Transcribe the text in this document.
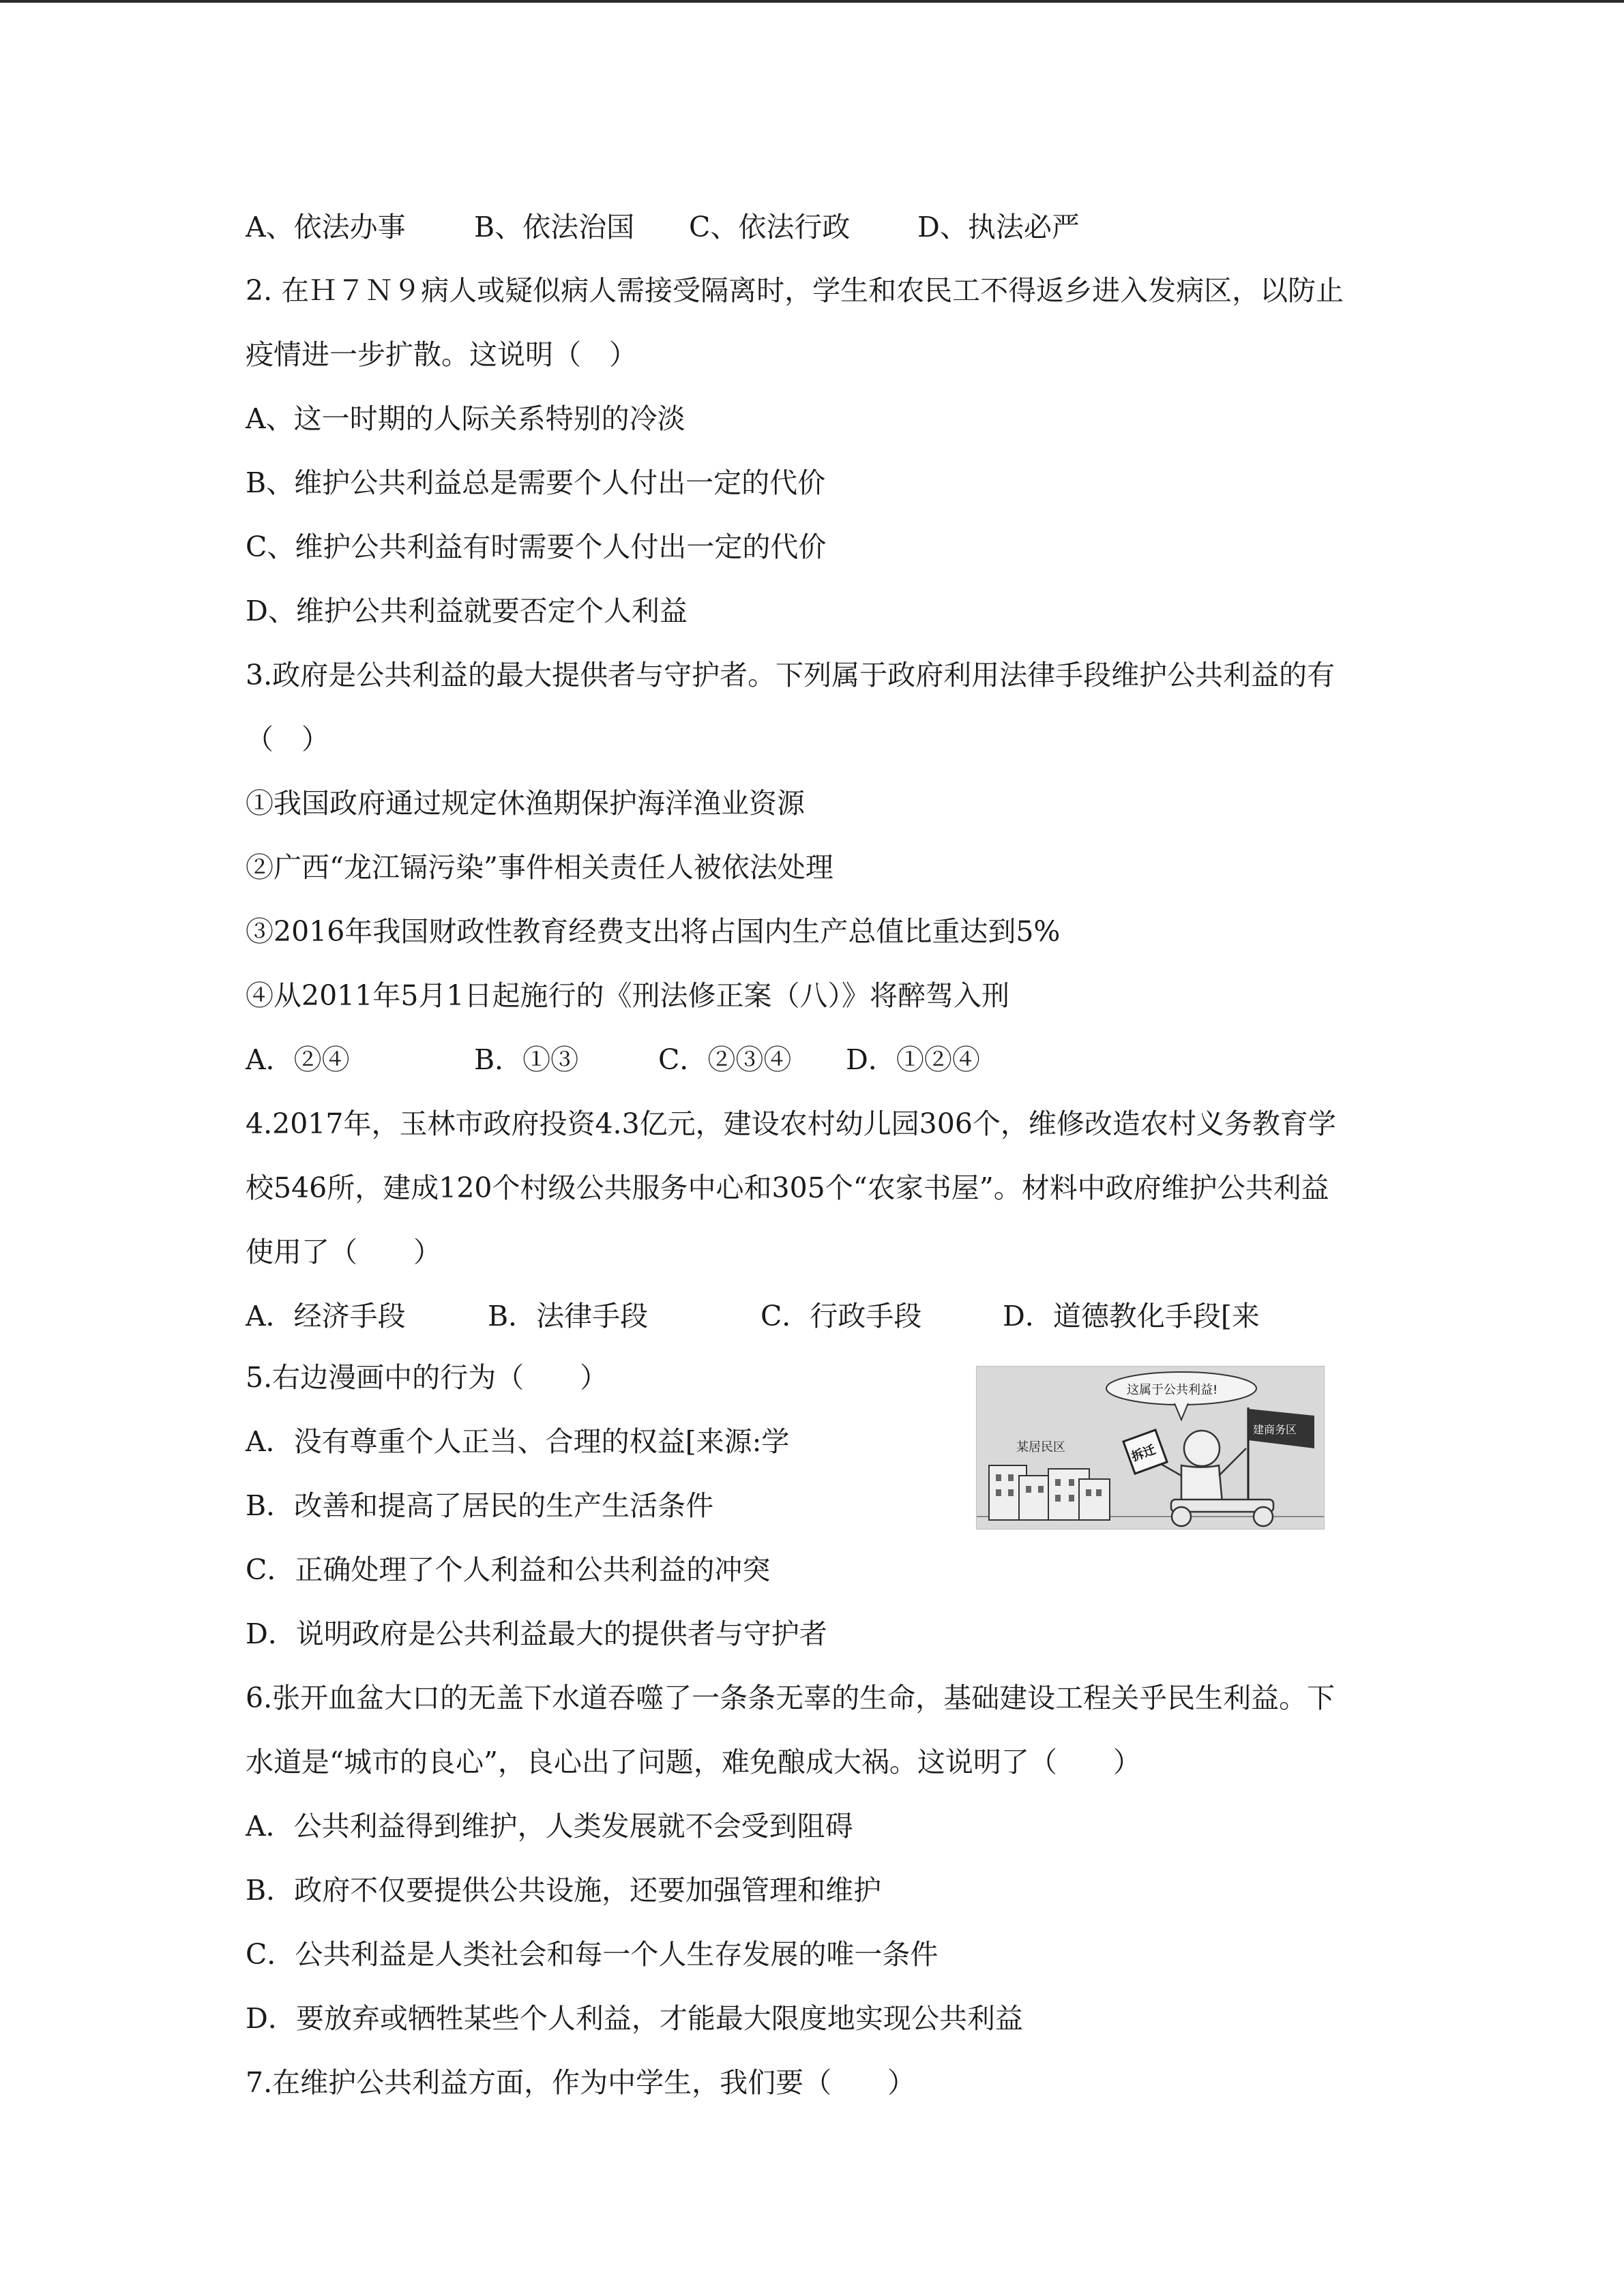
A、依法办事 B、依法治国 C、依法行政 D、执法必严
2. 在Ｈ７Ｎ９病人或疑似病人需接受隔离时，学生和农民工不得返乡进入发病区，以防止
疫情进一步扩散。这说明（　）
A、这一时期的人际关系特别的冷淡
B、维护公共利益总是需要个人付出一定的代价
C、维护公共利益有时需要个人付出一定的代价
D、维护公共利益就要否定个人利益
3.政府是公共利益的最大提供者与守护者。下列属于政府利用法律手段维护公共利益的有
（　）
①我国政府通过规定休渔期保护海洋渔业资源
②广西“龙江镉污染”事件相关责任人被依法处理
③2016年我国财政性教育经费支出将占国内生产总值比重达到5%
④从2011年5月1日起施行的《刑法修正案（八）》将醉驾入刑
A．②④	B．①③	C．②③④ D．①②④
4.2017年，玉林市政府投资4.3亿元，建设农村幼儿园306个，维修改造农村义务教育学
校546所，建成120个村级公共服务中心和305个“农家书屋”。材料中政府维护公共利益
使用了（　　）
A．经济手段	B．法律手段	C．行政手段	D．道德教化手段[来
5.右边漫画中的行为（　　）
A．没有尊重个人正当、合理的权益[来源:学
B．改善和提高了居民的生产生活条件
C．正确处理了个人利益和公共利益的冲突
D．说明政府是公共利益最大的提供者与守护者
6.张开血盆大口的无盖下水道吞噬了一条条无辜的生命，基础建设工程关乎民生利益。下
水道是“城市的良心”，良心出了问题，难免酿成大祸。这说明了（　　）
A．公共利益得到维护，人类发展就不会受到阻碍
B．政府不仅要提供公共设施，还要加强管理和维护
C．公共利益是人类社会和每一个人生存发展的唯一条件
D．要放弃或牺牲某些个人利益，才能最大限度地实现公共利益
7.在维护公共利益方面，作为中学生，我们要（　　）
某居民区
这属于公共利益!
拆迁
建商务区
